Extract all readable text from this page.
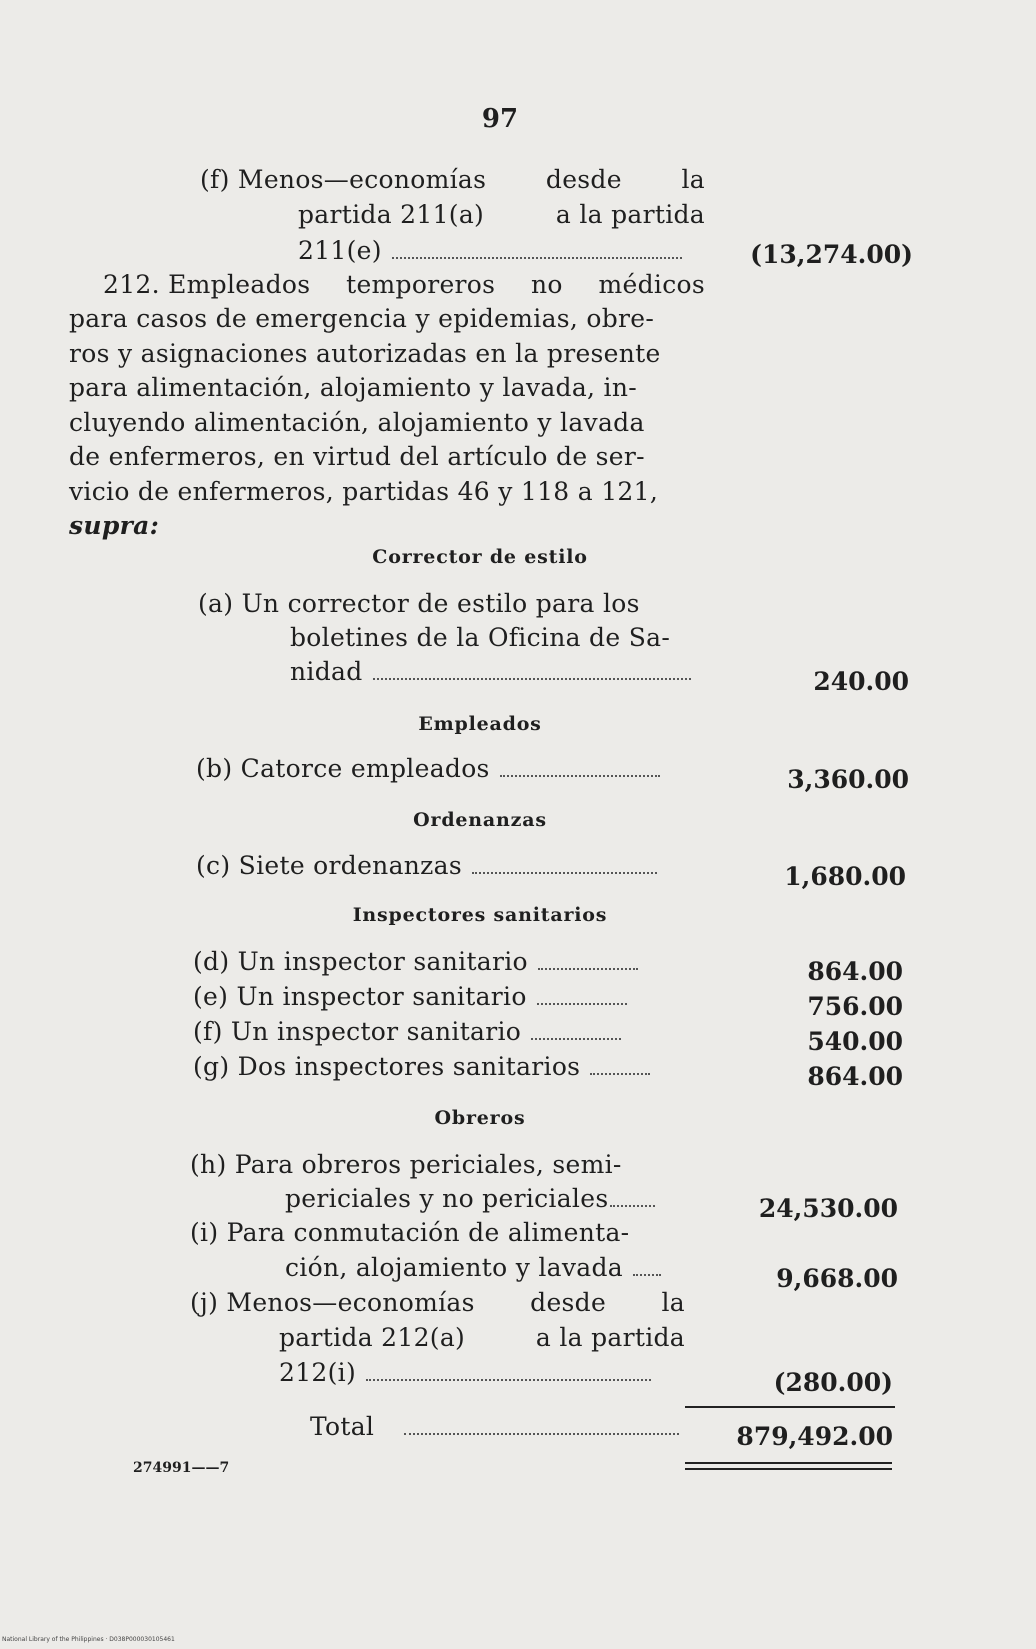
97
(f) Menos—economías desde la
partida 211(a)	a la partida
211(e)	(13,274.00)
212. Empleados temporeros no médicos
para casos de emergencia y epidemias, obre-
ros y asignaciones autorizadas en la presente
para alimentación, alojamiento y lavada, in-
cluyendo alimentación, alojamiento y lavada
de enfermeros, en virtud del artículo de ser-
vicio de enfermeros, partidas 46 y 118 a 121,
supra:
Corrector de estilo
(a) Un corrector de estilo para los
boletines de la Oficina de Sa-
nidad	240.00
Empleados
(b) Catorce empleados	3,360.00
Ordenanzas
(c) Siete ordenanzas	1,680.00
Inspectores sanitarios
(d) Un inspector sanitario	864.00
(e) Un inspector sanitario	756.00
(f) Un inspector sanitario	540.00
(g) Dos inspectores sanitarios	864.00
Obreros
(h) Para obreros periciales, semi-
periciales y no periciales	24,530.00
(i) Para conmutación de alimenta-
ción, alojamiento y lavada	9,668.00
(j) Menos—economías desde la
partida 212(a)	a la partida
212(i)	(280.00)
Total	879,492.00
274991——7
National Library of the Philippines · D038P000030105461
